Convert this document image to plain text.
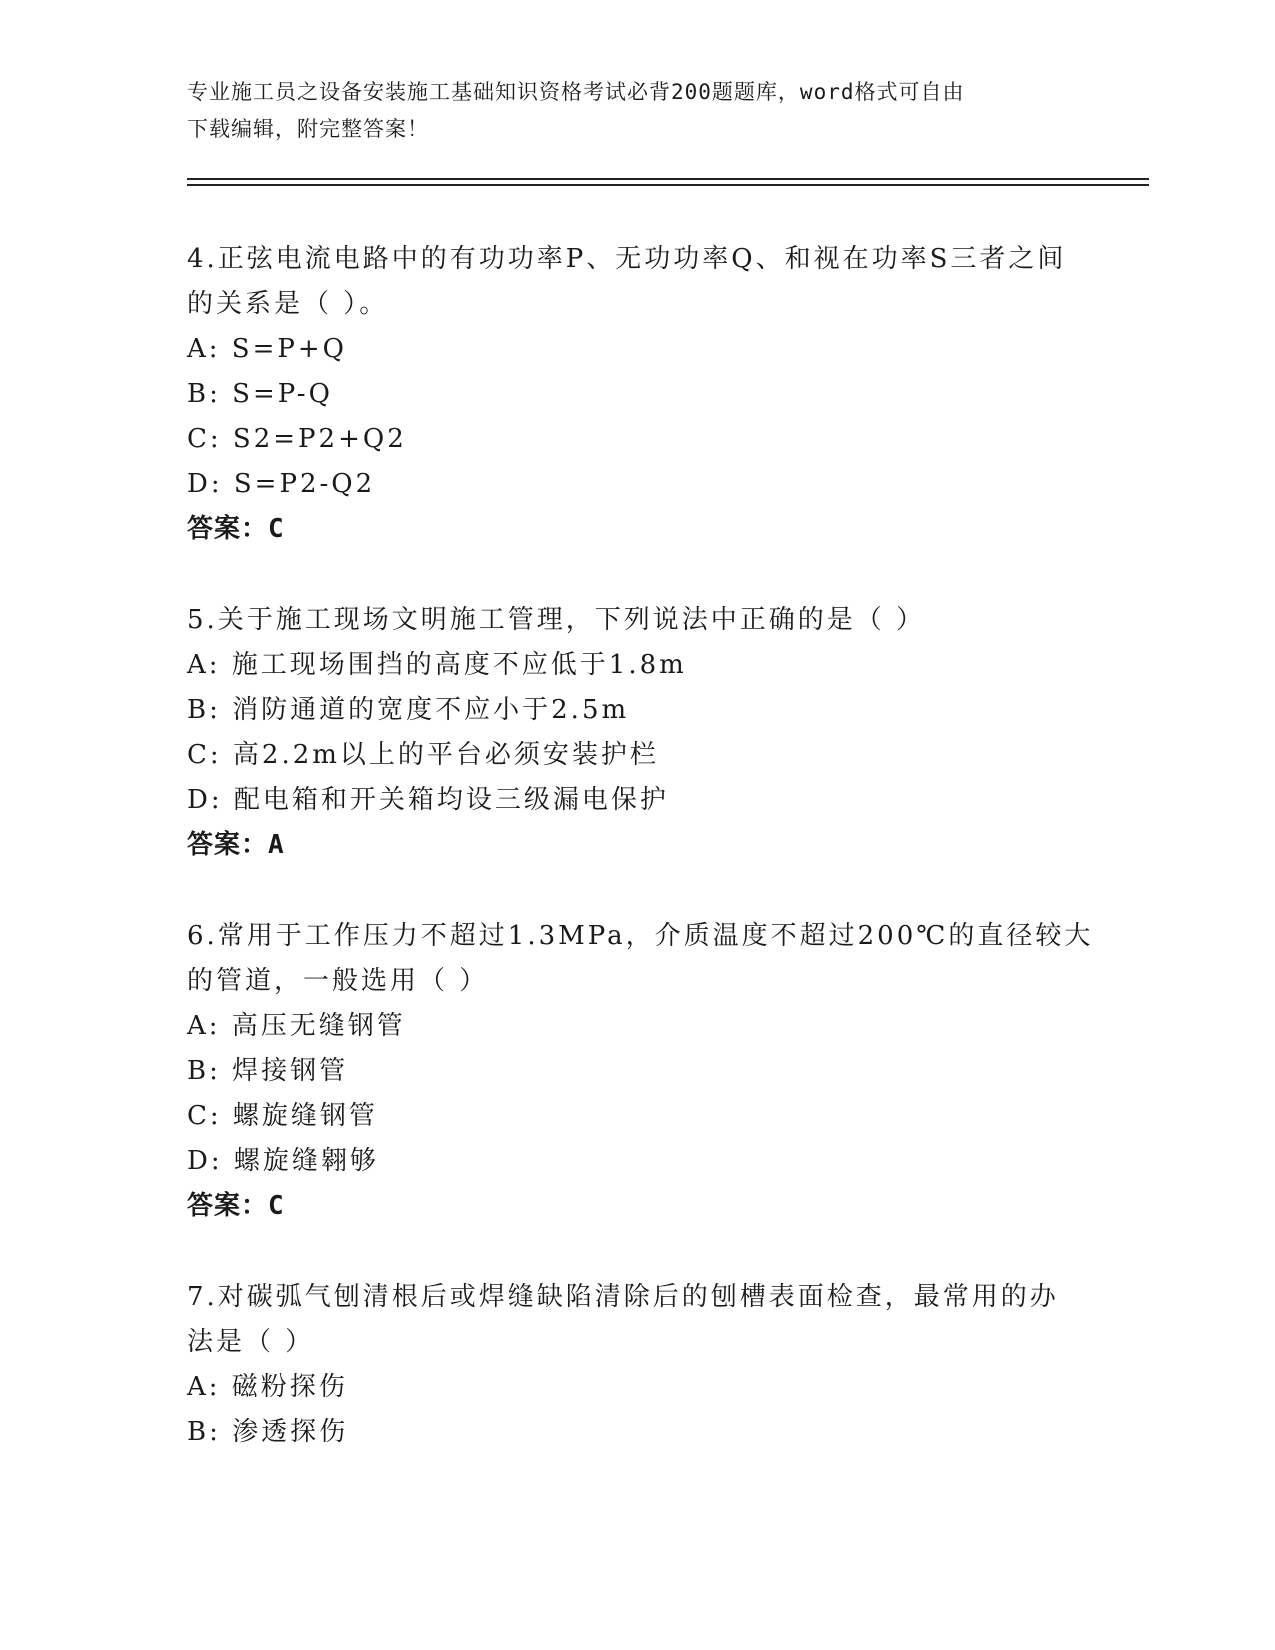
专业施工员之设备安装施工基础知识资格考试必背200题题库，word格式可自由

下载编辑，附完整答案！

4.正弦电流电路中的有功功率P、无功功率Q、和视在功率S三者之间

的关系是（ ）。

A: S=P+Q

B: S=P-Q

C: S2=P2+Q2

D: S=P2-Q2

答案：C

5.关于施工现场文明施工管理，下列说法中正确的是（ ）

A: 施工现场围挡的高度不应低于1.8m

B: 消防通道的宽度不应小于2.5m

C: 高2.2m以上的平台必须安装护栏

D: 配电箱和开关箱均设三级漏电保护

答案：A

6.常用于工作压力不超过1.3MPa，介质温度不超过200℃的直径较大

的管道，一般选用（ ）

A: 高压无缝钢管

B: 焊接钢管

C: 螺旋缝钢管

D: 螺旋缝翱够

答案：C

7.对碳弧气刨清根后或焊缝缺陷清除后的刨槽表面检查，最常用的办

法是（ ）

A: 磁粉探伤

B: 渗透探伤
